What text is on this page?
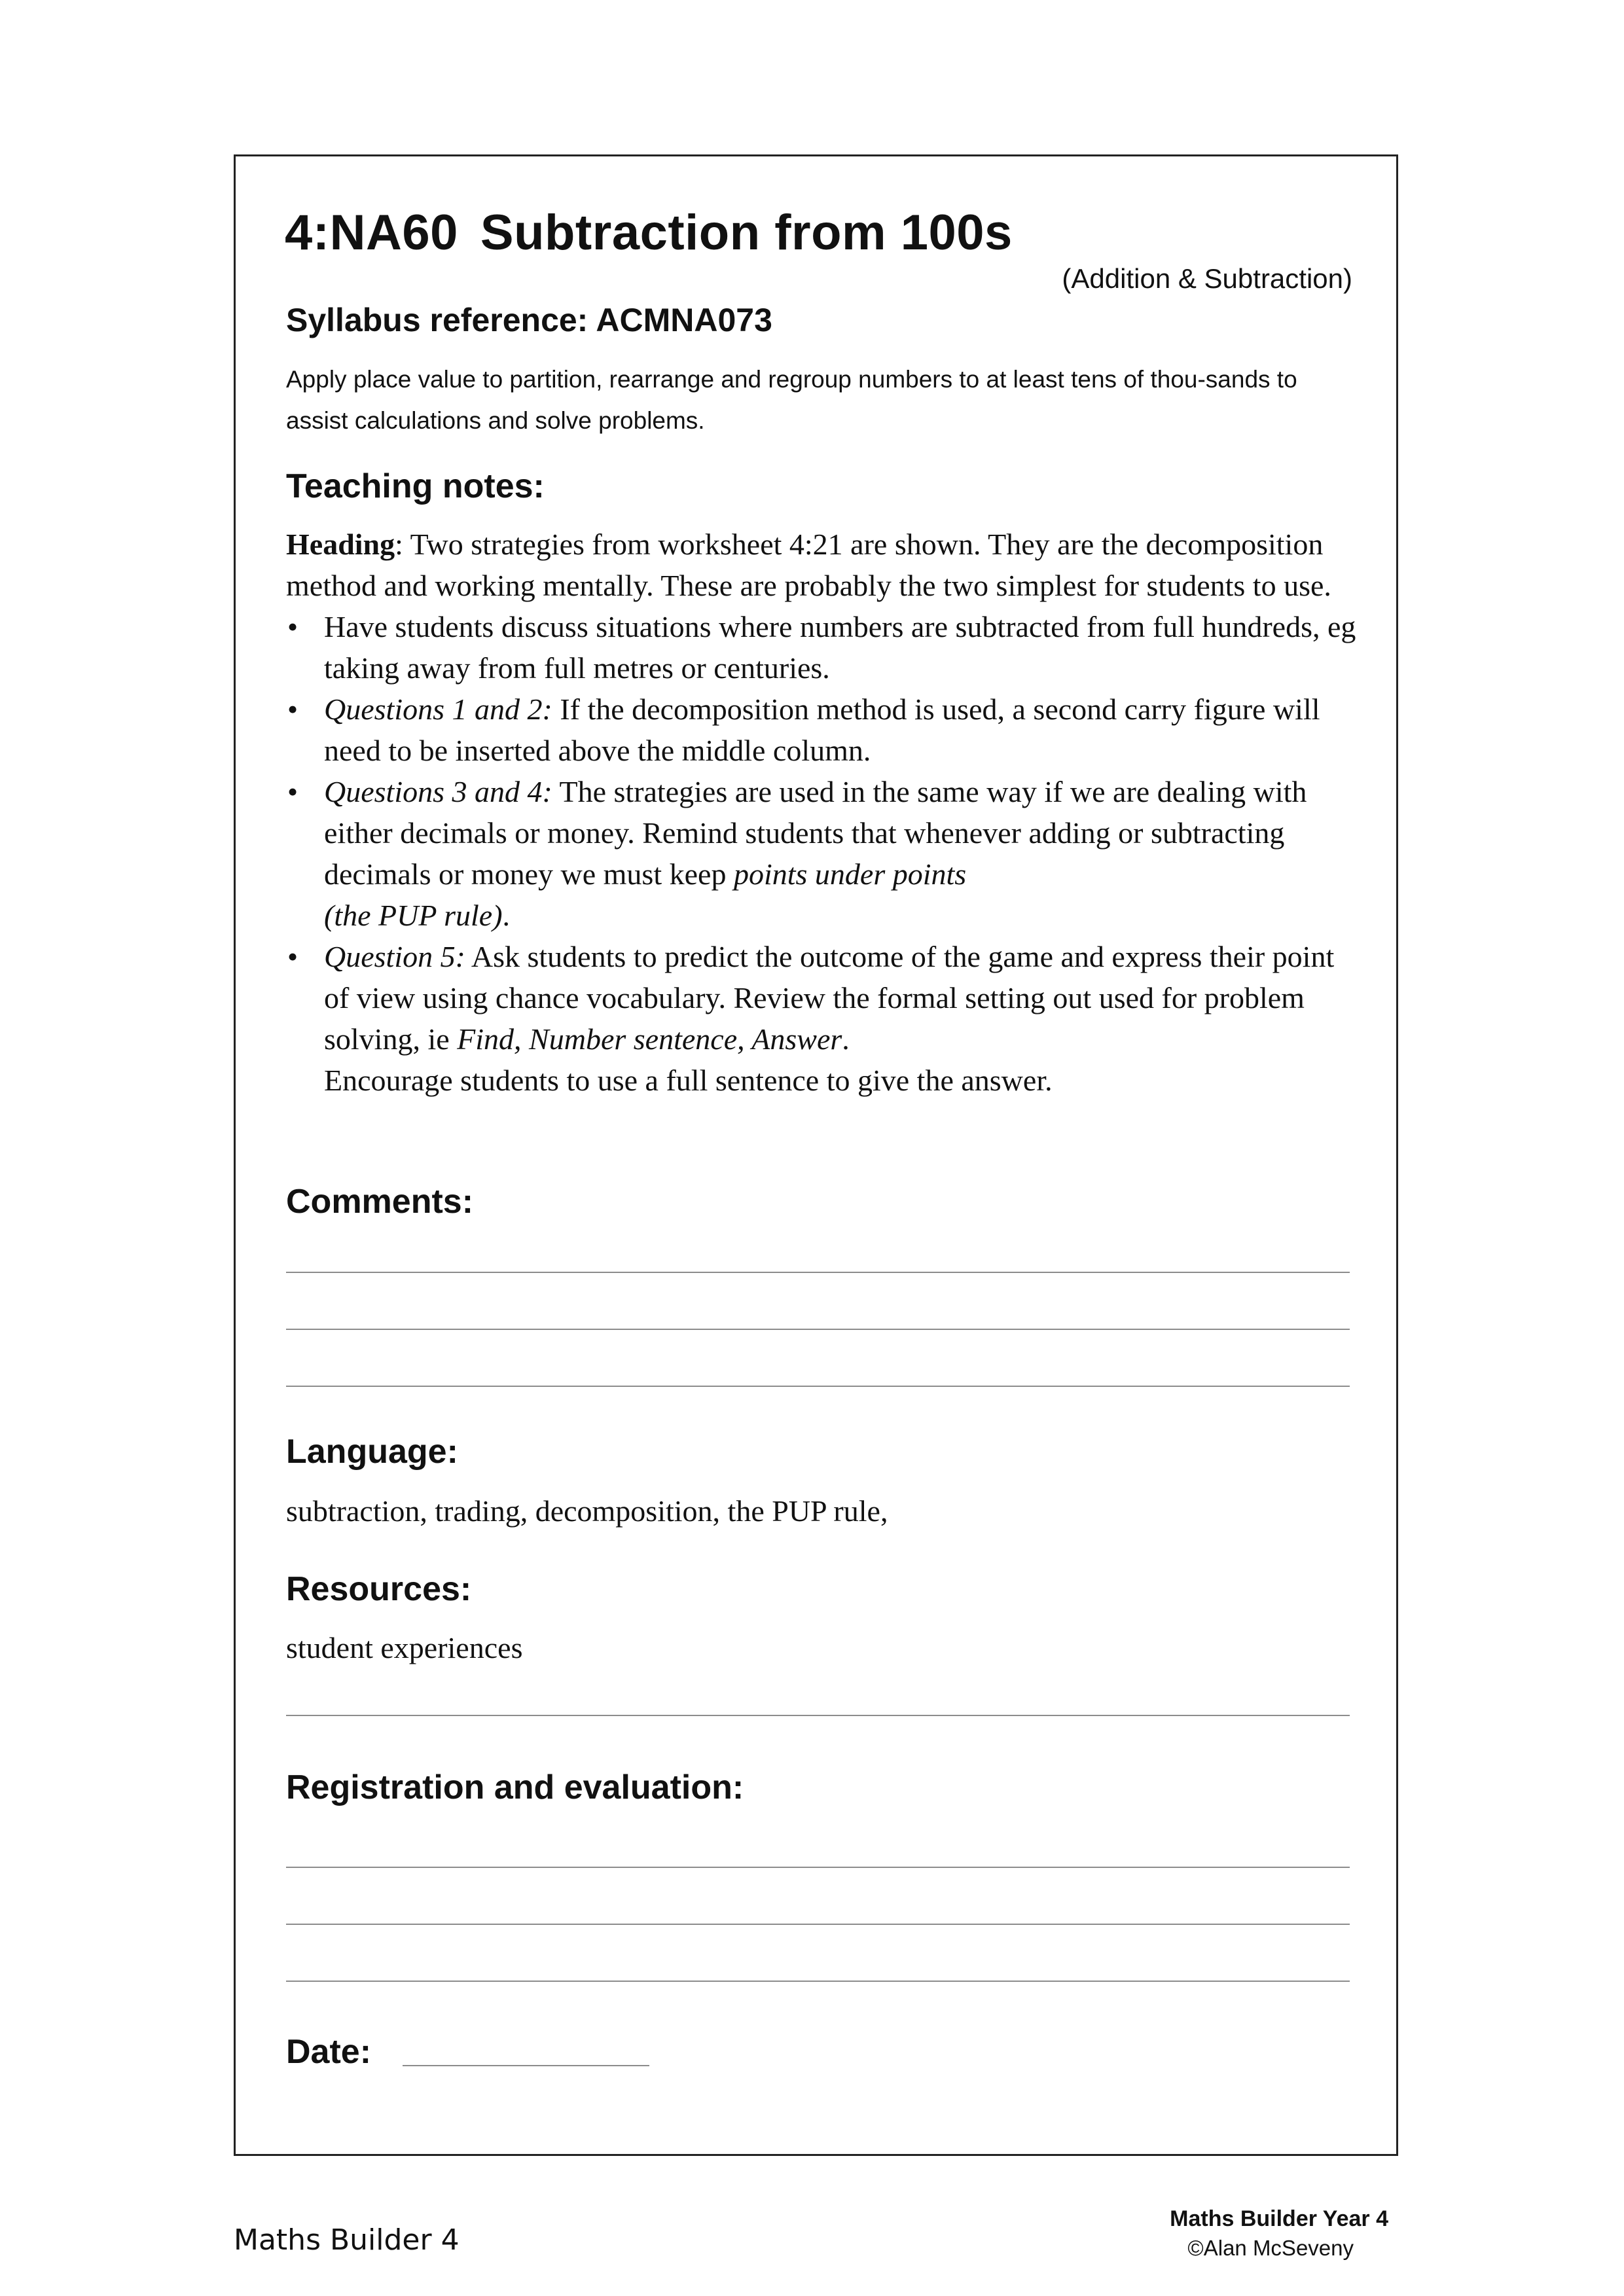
4:NA60 Subtraction from 100s
(Addition & Subtraction)
Syllabus reference: ACMNA073
Apply place value to partition, rearrange and regroup numbers to at least tens of thou-sands to assist calculations and solve problems.
Teaching notes:

Heading: Two strategies from worksheet 4:21 are shown. They are the decomposition method and working mentally. These are probably the two simplest for students to use.

• Have students discuss situations where numbers are subtracted from full hundreds, eg taking away from full metres or centuries.
• Questions 1 and 2: If the decomposition method is used, a second carry figure will need to be inserted above the middle column.
• Questions 3 and 4: The strategies are used in the same way if we are dealing with either decimals or money. Remind students that whenever adding or subtracting decimals or money we must keep points under points
(the PUP rule).
• Question 5: Ask students to predict the outcome of the game and express their point of view using chance vocabulary. Review the formal setting out used for problem solving, ie Find, Number sentence, Answer.
Encourage students to use a full sentence to give the answer.
Comments:
Language:
subtraction, trading, decomposition, the PUP rule,
Resources:
student experiences
Registration and evaluation:
Date:
Maths Builder 4
Maths Builder Year 4
©Alan McSeveny
